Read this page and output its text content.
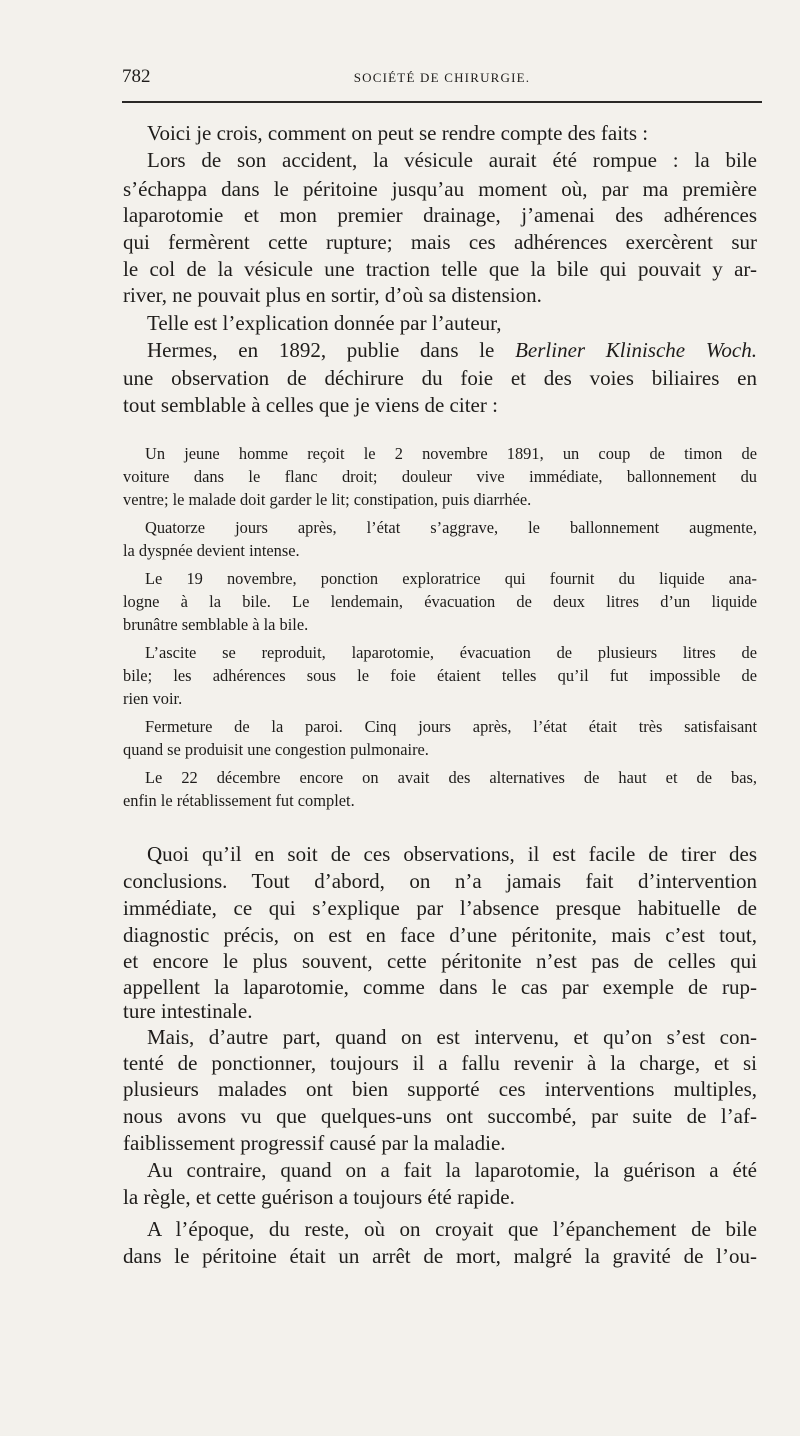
782	SOCIÉTÉ DE CHIRURGIE.

Voici je crois, comment on peut se rendre compte des faits :

Lors de son accident, la vésicule aurait été rompue : la bile

s’échappa dans le péritoine jusqu’au moment où, par ma première

laparotomie et mon premier drainage, j’amenai des adhérences

qui fermèrent cette rupture; mais ces adhérences exercèrent sur

le col de la vésicule une traction telle que la bile qui pouvait y ar-

river, ne pouvait plus en sortir, d’où sa distension.

Telle est l’explication donnée par l’auteur,

Hermes, en 1892, publie dans le Berliner Klinische Woch.

une observation de déchirure du foie et des voies biliaires en

tout semblable à celles que je viens de citer :

Un jeune homme reçoit le 2 novembre 1891, un coup de timon de

voiture dans le flanc droit; douleur vive immédiate, ballonnement du

ventre; le malade doit garder le lit; constipation, puis diarrhée.

Quatorze jours après, l’état s’aggrave, le ballonnement augmente,

la dyspnée devient intense.

Le 19 novembre, ponction exploratrice qui fournit du liquide ana-

logne à la bile. Le lendemain, évacuation de deux litres d’un liquide

brunâtre semblable à la bile.

L’ascite se reproduit, laparotomie, évacuation de plusieurs litres de

bile; les adhérences sous le foie étaient telles qu’il fut impossible de

rien voir.

Fermeture de la paroi. Cinq jours après, l’état était très satisfaisant

quand se produisit une congestion pulmonaire.

Le 22 décembre encore on avait des alternatives de haut et de bas,

enfin le rétablissement fut complet.

Quoi qu’il en soit de ces observations, il est facile de tirer des

conclusions. Tout d’abord, on n’a jamais fait d’intervention

immédiate, ce qui s’explique par l’absence presque habituelle de

diagnostic précis, on est en face d’une péritonite, mais c’est tout,

et encore le plus souvent, cette péritonite n’est pas de celles qui

appellent la laparotomie, comme dans le cas par exemple de rup-

ture intestinale.

Mais, d’autre part, quand on est intervenu, et qu’on s’est con-

tenté de ponctionner, toujours il a fallu revenir à la charge, et si

plusieurs malades ont bien supporté ces interventions multiples,

nous avons vu que quelques-uns ont succombé, par suite de l’af-

faiblissement progressif causé par la maladie.

Au contraire, quand on a fait la laparotomie, la guérison a été

la règle, et cette guérison a toujours été rapide.

A l’époque, du reste, où on croyait que l’épanchement de bile

dans le péritoine était un arrêt de mort, malgré la gravité de l’ou-
